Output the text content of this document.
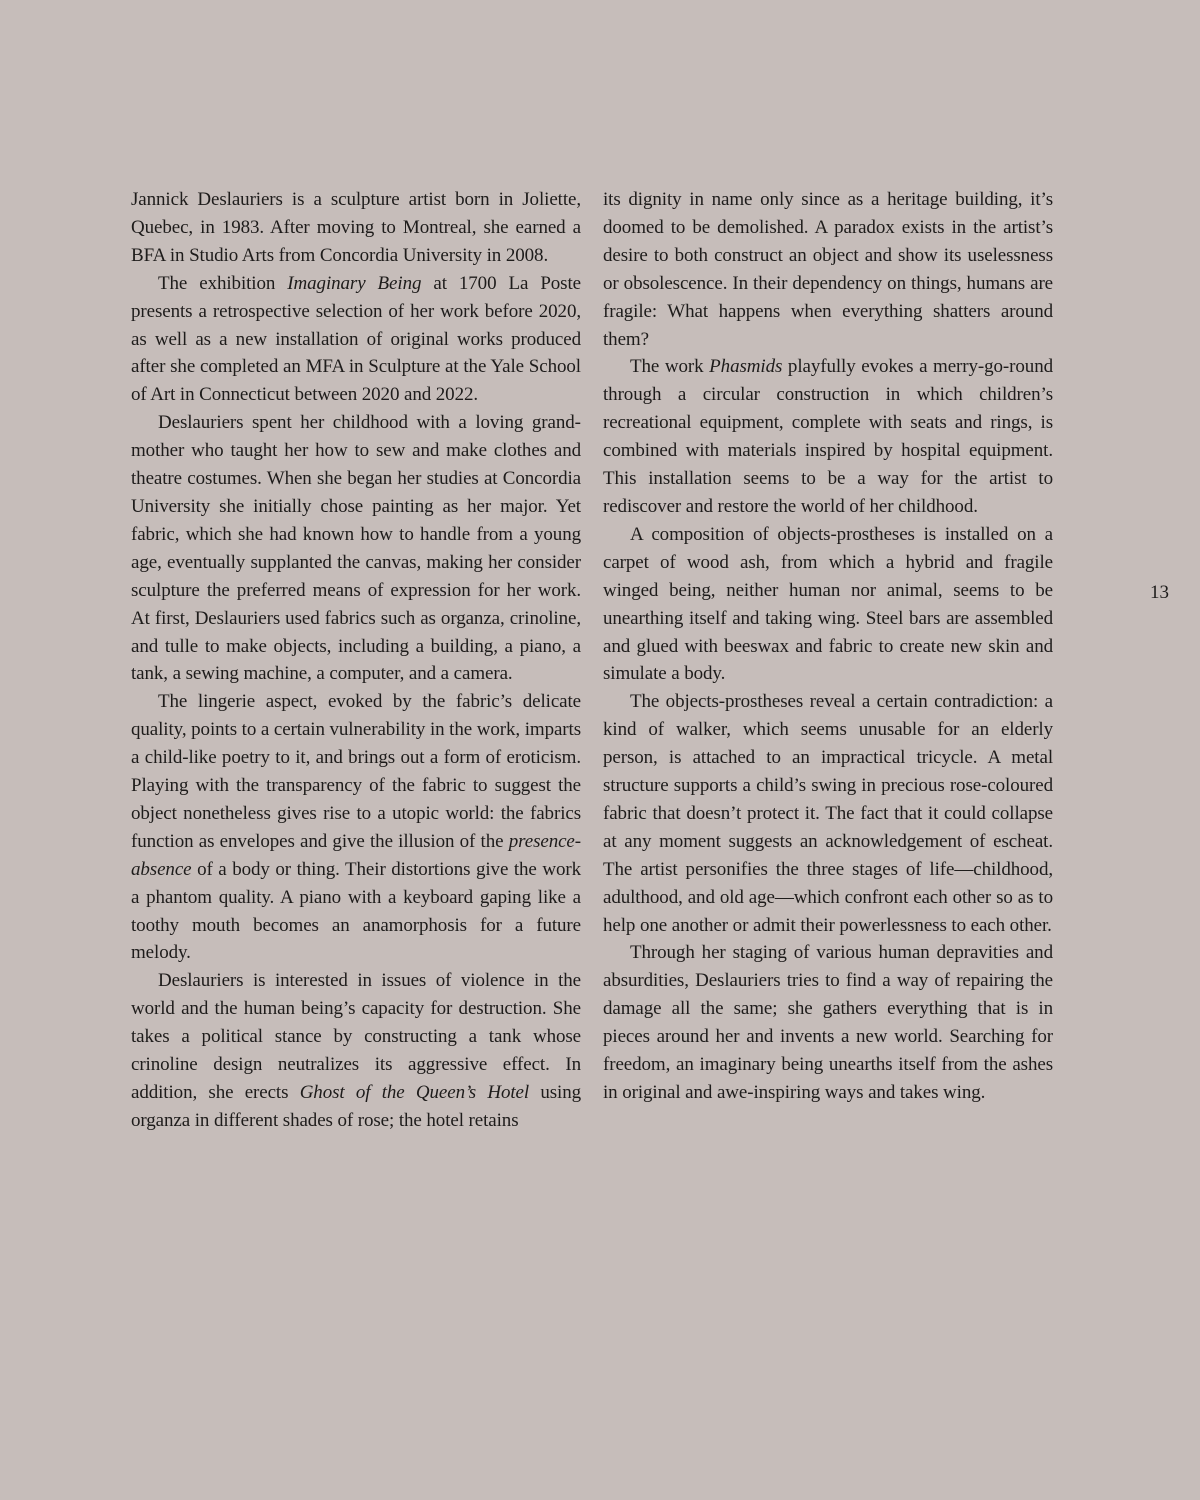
Jannick Deslauriers is a sculpture artist born in Joliette, Quebec, in 1983. After moving to Montreal, she earned a BFA in Studio Arts from Concordia University in 2008.

The exhibition Imaginary Being at 1700 La Poste presents a retrospective selection of her work before 2020, as well as a new installation of original works produced after she completed an MFA in Sculpture at the Yale School of Art in Connecticut between 2020 and 2022.

Deslauriers spent her childhood with a loving grandmother who taught her how to sew and make clothes and theatre costumes. When she began her studies at Concordia University she initially chose painting as her major. Yet fabric, which she had known how to handle from a young age, eventually supplanted the canvas, making her consider sculpture the preferred means of expression for her work. At first, Deslauriers used fabrics such as organza, crinoline, and tulle to make objects, including a building, a piano, a tank, a sewing machine, a computer, and a camera.

The lingerie aspect, evoked by the fabric’s delicate quality, points to a certain vulnerability in the work, imparts a child-like poetry to it, and brings out a form of eroticism. Playing with the transparency of the fabric to suggest the object nonetheless gives rise to a utopic world: the fabrics function as envelopes and give the illusion of the presence-absence of a body or thing. Their distortions give the work a phantom quality. A piano with a keyboard gaping like a toothy mouth becomes an anamorphosis for a future melody.

Deslauriers is interested in issues of violence in the world and the human being’s capacity for destruction. She takes a political stance by constructing a tank whose crinoline design neutralizes its aggressive effect. In addition, she erects Ghost of the Queen’s Hotel using organza in different shades of rose; the hotel retains

its dignity in name only since as a heritage building, it’s doomed to be demolished. A paradox exists in the artist’s desire to both construct an object and show its uselessness or obsolescence. In their dependency on things, humans are fragile: What happens when everything shatters around them?

The work Phasmids playfully evokes a merry-go-round through a circular construction in which children’s recreational equipment, complete with seats and rings, is combined with materials inspired by hospital equipment. This installation seems to be a way for the artist to rediscover and restore the world of her childhood.

A composition of objects-prostheses is installed on a carpet of wood ash, from which a hybrid and fragile winged being, neither human nor animal, seems to be unearthing itself and taking wing. Steel bars are assembled and glued with beeswax and fabric to create new skin and simulate a body.

The objects-prostheses reveal a certain contradiction: a kind of walker, which seems unusable for an elderly person, is attached to an impractical tricycle. A metal structure supports a child’s swing in precious rose-coloured fabric that doesn’t protect it. The fact that it could collapse at any moment suggests an acknowledgement of escheat. The artist personifies the three stages of life—childhood, adulthood, and old age—which confront each other so as to help one another or admit their powerlessness to each other.

Through her staging of various human depravities and absurdities, Deslauriers tries to find a way of repairing the damage all the same; she gathers everything that is in pieces around her and invents a new world. Searching for freedom, an imaginary being unearths itself from the ashes in original and awe-inspiring ways and takes wing.

13
